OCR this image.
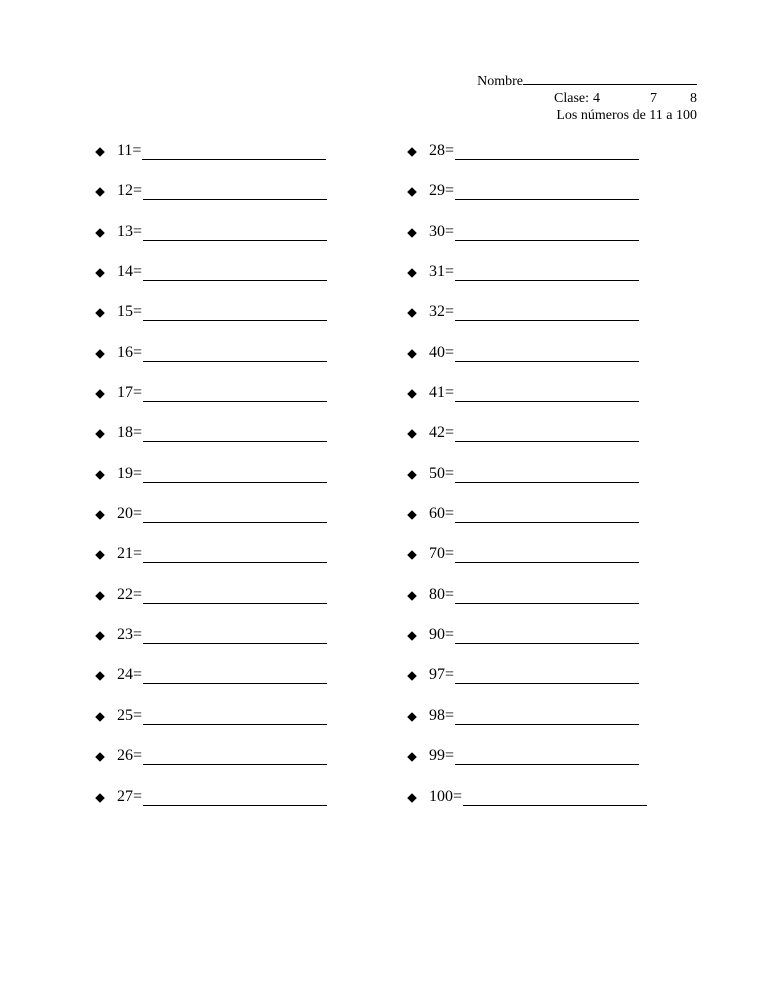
Nombre
Clase: 4	7	8
Los números de 11 a 100
11=
12=
13=
14=
15=
16=
17=
18=
19=
20=
21=
22=
23=
24=
25=
26=
27=
28=
29=
30=
31=
32=
40=
41=
42=
50=
60=
70=
80=
90=
97=
98=
99=
100=
